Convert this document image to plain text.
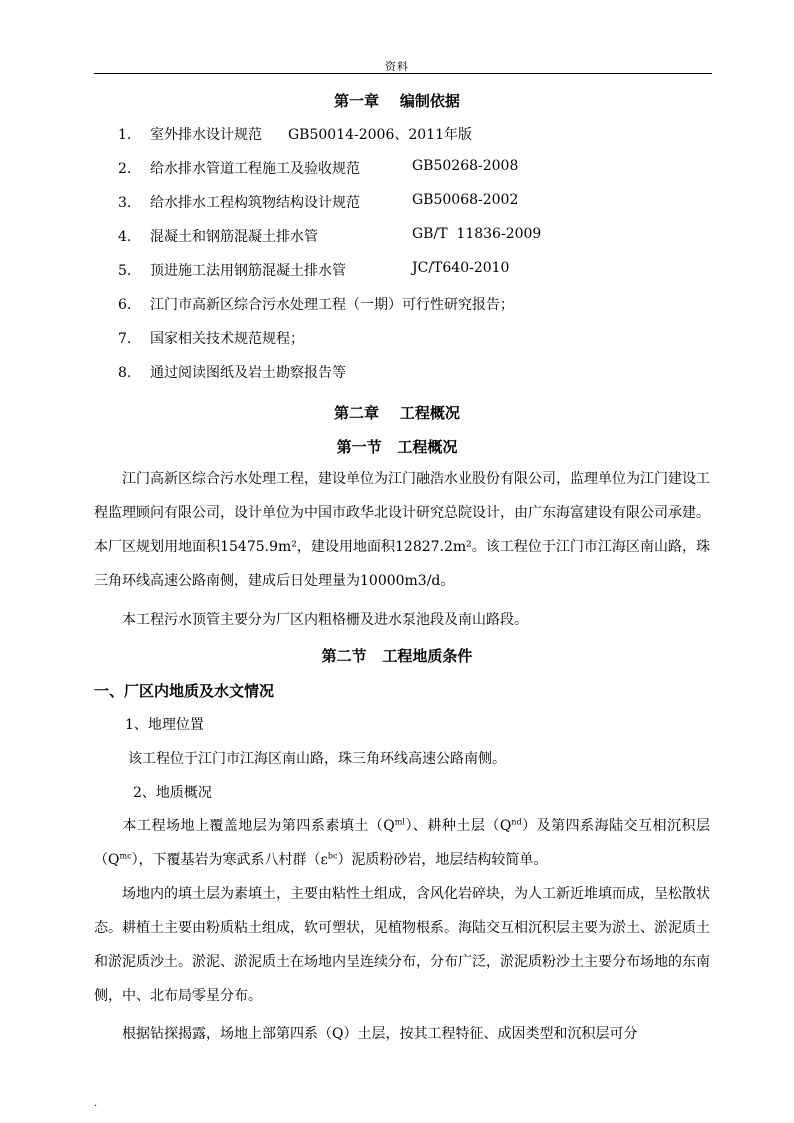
资料
第一章    编制依据
1. 室外排水设计规范 GB50014-2006、2011年版
2. 给水排水管道工程施工及验收规范	GB50268-2008
3. 给水排水工程构筑物结构设计规范	GB50068-2002
4. 混凝土和钢筋混凝土排水管	GB/T  11836-2009
5. 顶进施工法用钢筋混凝土排水管	JC/T640-2010
6. 江门市高新区综合污水处理工程（一期）可行性研究报告；
7. 国家相关技术规范规程；
8. 通过阅读图纸及岩土勘察报告等
第二章    工程概况
第一节   工程概况
江门高新区综合污水处理工程，建设单位为江门融浩水业股份有限公司，监理单位为江门建设工程监理顾问有限公司，设计单位为中国市政华北设计研究总院设计，由广东海富建设有限公司承建。本厂区规划用地面积15475.9m²，建设用地面积12827.2m²。该工程位于江门市江海区南山路，珠三角环线高速公路南侧，建成后日处理量为10000m3/d。
本工程污水顶管主要分为厂区内粗格栅及进水泵池段及南山路段。
第二节   工程地质条件
一、厂区内地质及水文情况
1、地理位置
该工程位于江门市江海区南山路，珠三角环线高速公路南侧。
2、地质概况
本工程场地上覆盖地层为第四系素填土$(Q^{ml})$、耕种土层$(Q^{nd})$及第四系海陆交互相沉积层$(Q^{mc})$，下覆基岩为寒武系八村群$(\varepsilon^{bc})$泥质粉砂岩，地层结构较简单。
场地内的填土层为素填土，主要由粘性土组成，含风化岩碎块，为人工新近堆填而成，呈松散状态。耕植土主要由粉质粘土组成，软可塑状，见植物根系。海陆交互相沉积层主要为淤土、淤泥质土和淤泥质沙土。淤泥、淤泥质土在场地内呈连续分布，分布广泛，淤泥质粉沙土主要分布场地的东南侧，中、北布局零星分布。
根据钻探揭露，场地上部第四系（Q）土层，按其工程特征、成因类型和沉积层可分
.
